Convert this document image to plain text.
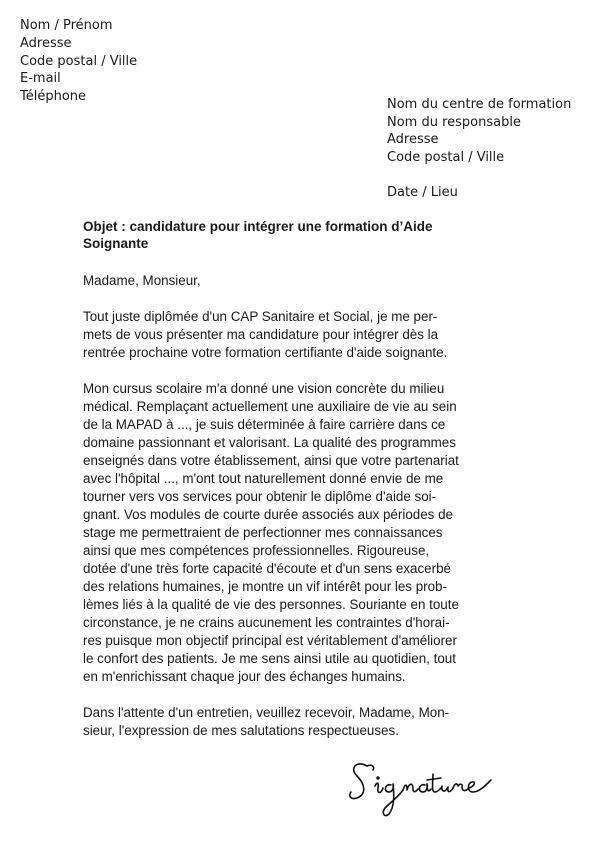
Nom / Prénom
Adresse
Code postal / Ville
E-mail
Téléphone
Nom du centre de formation
Nom du responsable
Adresse
Code postal / Ville
Date / Lieu

Objet : candidature pour intégrer une formation d’Aide
Soignante

Madame, Monsieur,

Tout juste diplômée d'un CAP Sanitaire et Social, je me per-
mets de vous présenter ma candidature pour intégrer dès la
rentrée prochaine votre formation certifiante d'aide soignante.

Mon cursus scolaire m'a donné une vision concrète du milieu
médical. Remplaçant actuellement une auxiliaire de vie au sein
de la MAPAD à ..., je suis déterminée à faire carrière dans ce
domaine passionnant et valorisant. La qualité des programmes
enseignés dans votre établissement, ainsi que votre partenariat
avec l'hôpital ..., m'ont tout naturellement donné envie de me
tourner vers vos services pour obtenir le diplôme d'aide soi-
gnant. Vos modules de courte durée associés aux périodes de
stage me permettraient de perfectionner mes connaissances
ainsi que mes compétences professionnelles. Rigoureuse,
dotée d'une très forte capacité d'écoute et d'un sens exacerbé
des relations humaines, je montre un vif intérêt pour les prob-
lèmes liés à la qualité de vie des personnes. Souriante en toute
circonstance, je ne crains aucunement les contraintes d'horai-
res puisque mon objectif principal est véritablement d'améliorer
le confort des patients. Je me sens ainsi utile au quotidien, tout
en m'enrichissant chaque jour des échanges humains.

Dans l'attente d'un entretien, veuillez recevoir, Madame, Mon-
sieur, l'expression de mes salutations respectueuses.
